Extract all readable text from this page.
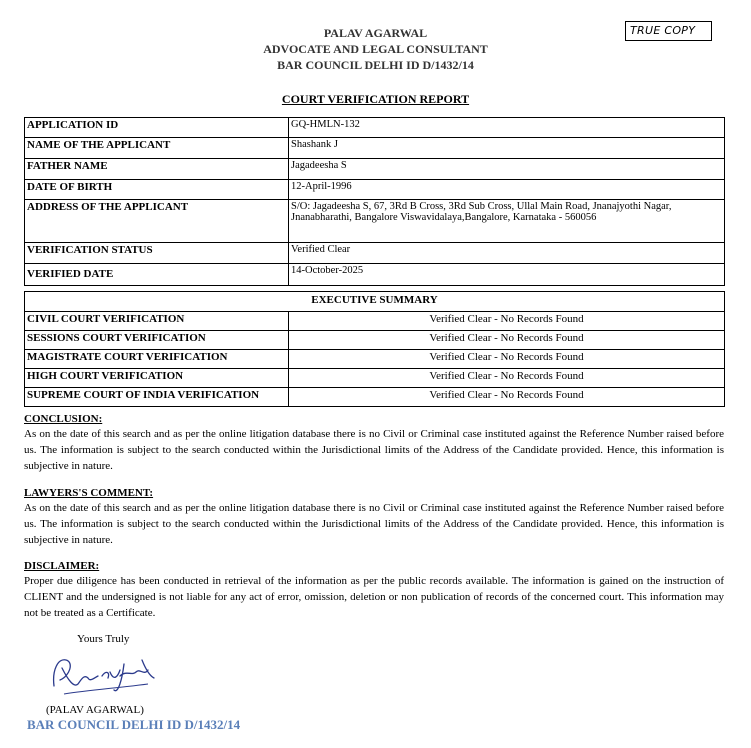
PALAV AGARWAL
ADVOCATE AND LEGAL CONSULTANT
BAR COUNCIL DELHI ID D/1432/14
TRUE COPY
COURT VERIFICATION REPORT
APPLICATION ID	GQ-HMLN-132
NAME OF THE APPLICANT	Shashank J
FATHER NAME	Jagadeesha S
DATE OF BIRTH	12-April-1996
ADDRESS OF THE APPLICANT	S/O: Jagadeesha S, 67, 3Rd B Cross, 3Rd Sub Cross, Ullal Main Road, Jnanajyothi Nagar, Jnanabharathi, Bangalore Viswavidalaya,Bangalore, Karnataka - 560056
VERIFICATION STATUS	Verified Clear
VERIFIED DATE	14-October-2025
EXECUTIVE SUMMARY	
CIVIL COURT VERIFICATION	Verified Clear - No Records Found
SESSIONS COURT VERIFICATION	Verified Clear - No Records Found
MAGISTRATE COURT VERIFICATION	Verified Clear - No Records Found
HIGH COURT VERIFICATION	Verified Clear - No Records Found
SUPREME COURT OF INDIA VERIFICATION	Verified Clear - No Records Found
CONCLUSION:

As on the date of this search and as per the online litigation database there is no Civil or Criminal case instituted against the Reference Number raised before us. The information is subject to the search conducted within the Jurisdictional limits of the Address of the Candidate provided. Hence, this information is subjective in nature.

LAWYERS'S COMMENT:

As on the date of this search and as per the online litigation database there is no Civil or Criminal case instituted against the Reference Number raised before us. The information is subject to the search conducted within the Jurisdictional limits of the Address of the Candidate provided. Hence, this information is subjective in nature.

DISCLAIMER:

Proper due diligence has been conducted in retrieval of the information as per the public records available. The information is gained on the instruction of CLIENT and the undersigned is not liable for any act of error, omission, deletion or non publication of records of the concerned court. This information may not be treated as a Certificate.

Yours Truly
(PALAV AGARWAL)
BAR COUNCIL DELHI ID D/1432/14
